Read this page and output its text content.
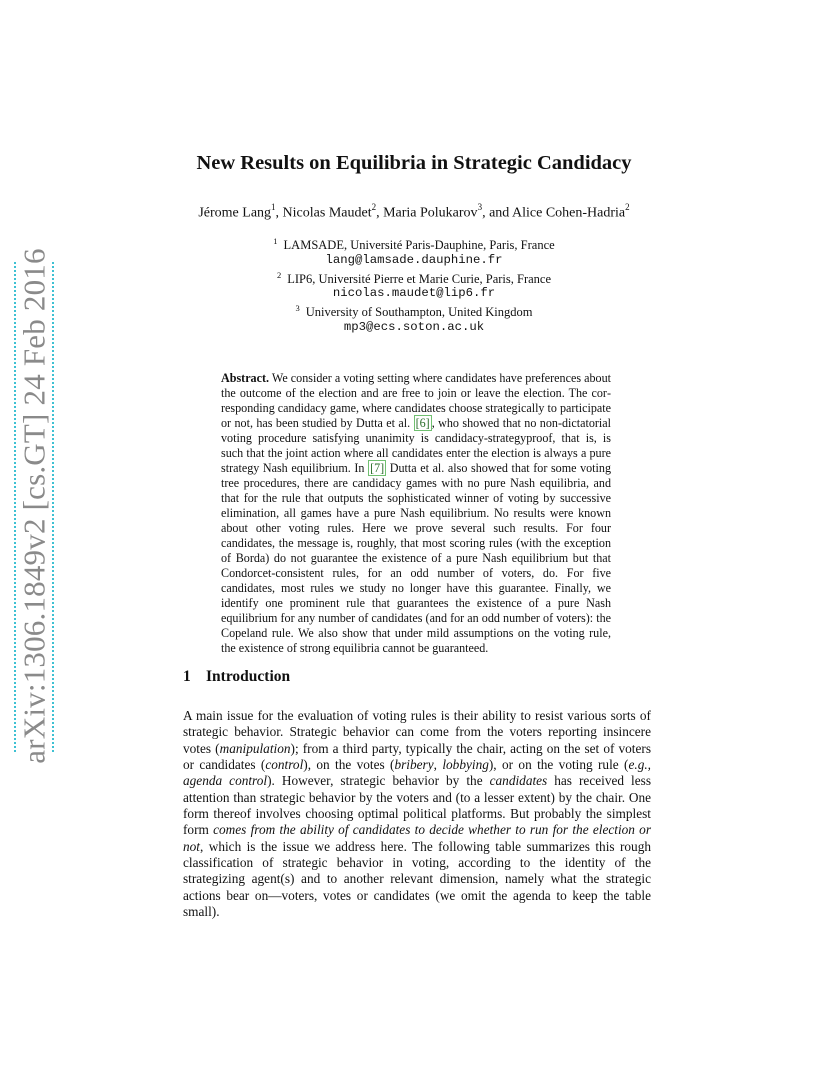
arXiv:1306.1849v2 [cs.GT] 24 Feb 2016
New Results on Equilibria in Strategic Candidacy
Jérome Lang$^1$, Nicolas Maudet$^2$, Maria Polukarov$^3$, and Alice Cohen-Hadria$^2$
$^1$ LAMSADE, Université Paris-Dauphine, Paris, France
lang@lamsade.dauphine.fr
$^2$ LIP6, Université Pierre et Marie Curie, Paris, France
nicolas.maudet@lip6.fr
$^3$ University of Southampton, United Kingdom
mp3@ecs.soton.ac.uk
Abstract. We consider a voting setting where candidates have preferences about the outcome of the election and are free to join or leave the election. The corresponding candidacy game, where candidates choose strategically to participate or not, has been studied by Dutta et al. [6] , who showed that no non-dictatorial voting procedure satisfying unanimity is candidacy-strategyproof, that is, is such that the joint action where all candidates enter the election is always a pure strategy Nash equilibrium. In [7] Dutta et al. also showed that for some voting tree procedures, there are candidacy games with no pure Nash equilibria, and that for the rule that outputs the sophisticated winner of voting by successive elimination, all games have a pure Nash equilibrium. No results were known about other voting rules. Here we prove several such results. For four candidates, the message is, roughly, that most scoring rules (with the exception of Borda) do not guarantee the existence of a pure Nash equilibrium but that Condorcet-consistent rules, for an odd number of voters, do. For five candidates, most rules we study no longer have this guarantee. Finally, we identify one prominent rule that guarantees the existence of a pure Nash equilibrium for any number of candidates (and for an odd number of voters): the Copeland rule. We also show that under mild assumptions on the voting rule, the existence of strong equilibria cannot be guaranteed.
1 Introduction
A main issue for the evaluation of voting rules is their ability to resist various sorts of strategic behavior. Strategic behavior can come from the voters reporting insincere votes (manipulation); from a third party, typically the chair, acting on the set of voters or candidates (control), on the votes (bribery, lobbying), or on the voting rule (e.g., agenda control). However, strategic behavior by the candidates has received less attention than strategic behavior by the voters and (to a lesser extent) by the chair. One form thereof involves choosing optimal political platforms. But probably the simplest form comes from the ability of candidates to decide whether to run for the election or not, which is the issue we address here. The following table summarizes this rough classification of strategic behavior in voting, according to the identity of the strategizing agent(s) and to another relevant dimension, namely what the strategic actions bear on—voters, votes or candidates (we omit the agenda to keep the table small).
